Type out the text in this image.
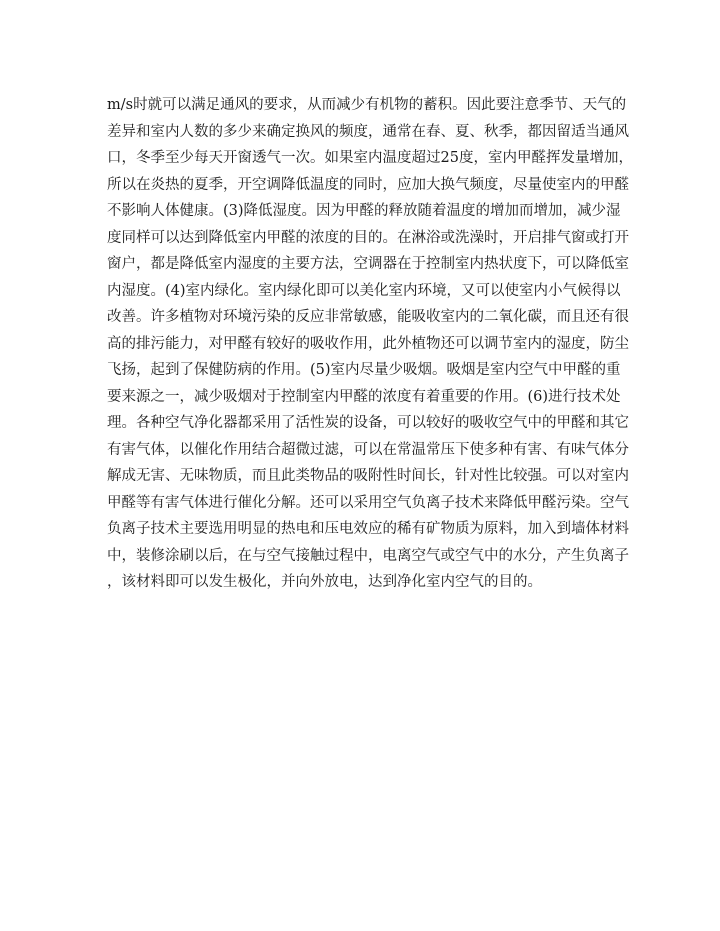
m/s时就可以满足通风的要求，从而减少有机物的蓄积。因此要注意季节、天气的
差异和室内人数的多少来确定换风的频度，通常在春、夏、秋季，都因留适当通风
口，冬季至少每天开窗透气一次。如果室内温度超过25度，室内甲醛挥发量增加，
所以在炎热的夏季，开空调降低温度的同时，应加大换气频度，尽量使室内的甲醛
不影响人体健康。(3)降低湿度。因为甲醛的释放随着温度的增加而增加，减少湿
度同样可以达到降低室内甲醛的浓度的目的。在淋浴或洗澡时，开启排气窗或打开
窗户，都是降低室内湿度的主要方法，空调器在于控制室内热状度下，可以降低室
内湿度。(4)室内绿化。室内绿化即可以美化室内环境，又可以使室内小气候得以
改善。许多植物对环境污染的反应非常敏感，能吸收室内的二氧化碳，而且还有很
高的排污能力，对甲醛有较好的吸收作用，此外植物还可以调节室内的湿度，防尘
飞扬，起到了保健防病的作用。(5)室内尽量少吸烟。吸烟是室内空气中甲醛的重
要来源之一，减少吸烟对于控制室内甲醛的浓度有着重要的作用。(6)进行技术处
理。各种空气净化器都采用了活性炭的设备，可以较好的吸收空气中的甲醛和其它
有害气体，以催化作用结合超微过滤，可以在常温常压下使多种有害、有味气体分
解成无害、无味物质，而且此类物品的吸附性时间长，针对性比较强。可以对室内
甲醛等有害气体进行催化分解。还可以采用空气负离子技术来降低甲醛污染。空气
负离子技术主要选用明显的热电和压电效应的稀有矿物质为原料，加入到墙体材料
中，装修涂刷以后，在与空气接触过程中，电离空气或空气中的水分，产生负离子
，该材料即可以发生极化，并向外放电，达到净化室内空气的目的。
